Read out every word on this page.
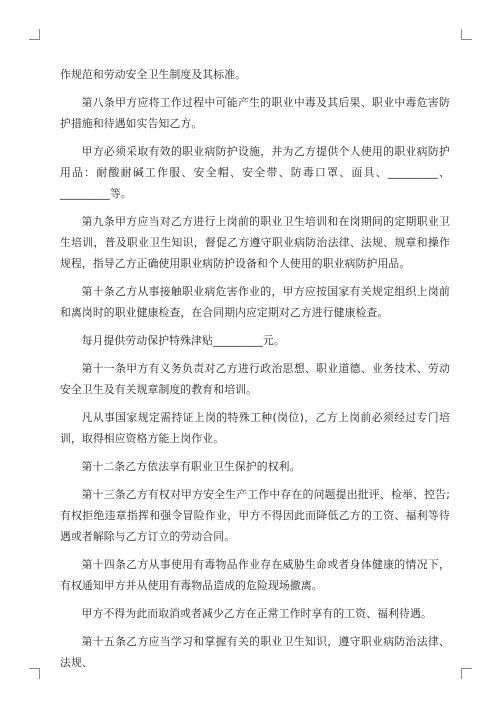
作规范和劳动安全卫生制度及其标准。

第八条甲方应将工作过程中可能产生的职业中毒及其后果、职业中毒危害防护措施和待遇如实告知乙方。

甲方必须采取有效的职业病防护设施，并为乙方提供个人使用的职业病防护用品：耐酸耐碱工作服、安全帽、安全带、防毒口罩、面具、_________、_________等。

第九条甲方应当对乙方进行上岗前的职业卫生培训和在岗期间的定期职业卫生培训，普及职业卫生知识，督促乙方遵守职业病防治法律、法规、规章和操作规程，指导乙方正确使用职业病防护设备和个人使用的职业病防护用品。

第十条乙方从事接触职业病危害作业的，甲方应按国家有关规定组织上岗前和离岗时的职业健康检查，在合同期内应定期对乙方进行健康检查。

每月提供劳动保护特殊津贴_________元。

第十一条甲方有义务负责对乙方进行政治思想、职业道德、业务技术、劳动安全卫生及有关规章制度的教育和培训。

凡从事国家规定需持证上岗的特殊工种(岗位)，乙方上岗前必须经过专门培训，取得相应资格方能上岗作业。

第十二条乙方依法享有职业卫生保护的权利。

第十三条乙方有权对甲方安全生产工作中存在的问题提出批评、检举、控告;有权拒绝违章指挥和强令冒险作业，甲方不得因此而降低乙方的工资、福利等待遇或者解除与乙方订立的劳动合同。

第十四条乙方从事使用有毒物品作业存在威胁生命或者身体健康的情况下，有权通知甲方并从使用有毒物品造成的危险现场撤离。

甲方不得为此而取消或者减少乙方在正常工作时享有的工资、福利待遇。

第十五条乙方应当学习和掌握有关的职业卫生知识，遵守职业病防治法律、法规、
